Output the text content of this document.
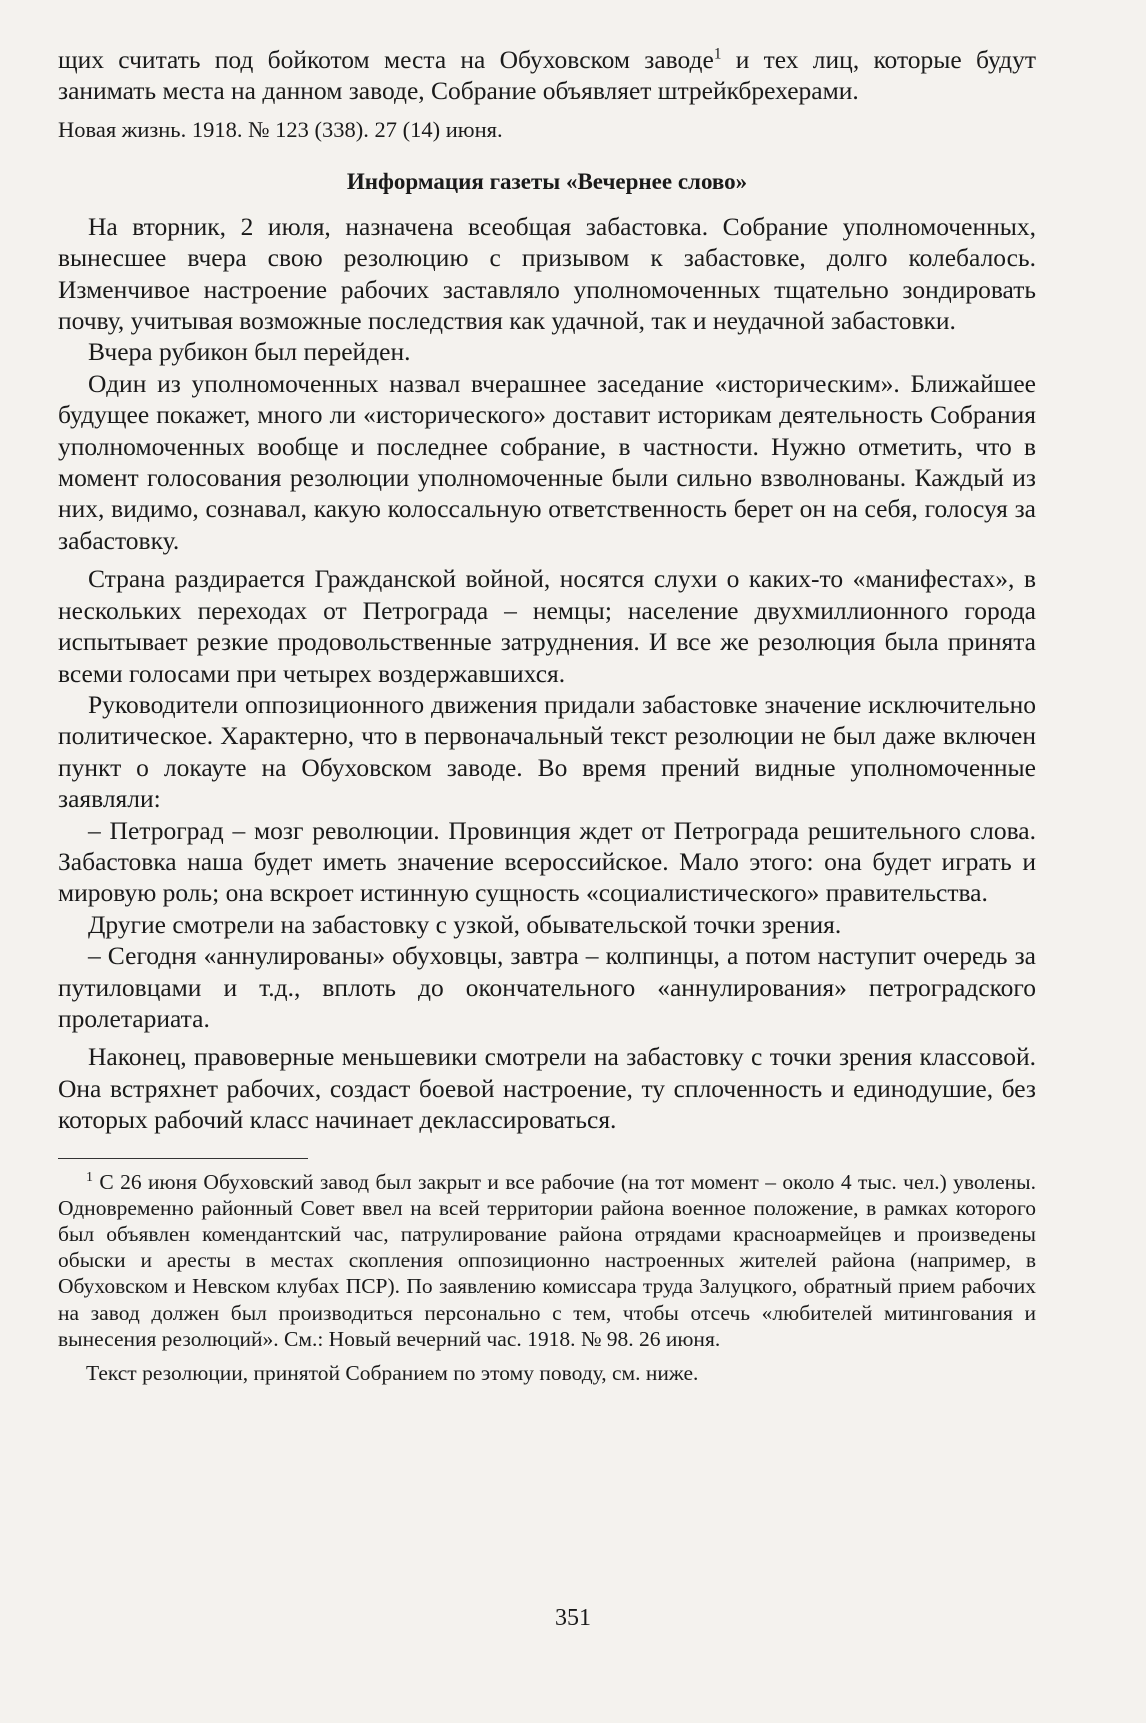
щих считать под бойкотом места на Обуховском заводе$^1$ и тех лиц, которые будут занимать места на данном заводе, Собрание объявляет штрейкбрехерами.

Новая жизнь. 1918. № 123 (338). 27 (14) июня.

Информация газеты «Вечернее слово»

На вторник, 2 июля, назначена всеобщая забастовка. Собрание уполномоченных, вынесшее вчера свою резолюцию с призывом к забастовке, долго колебалось. Изменчивое настроение рабочих заставляло уполномоченных тщательно зондировать почву, учитывая возможные последствия как удачной, так и неудачной забастовки.

Вчера рубикон был перейден.

Один из уполномоченных назвал вчерашнее заседание «историческим». Ближайшее будущее покажет, много ли «исторического» доставит историкам деятельность Собрания уполномоченных вообще и последнее собрание, в частности. Нужно отметить, что в момент голосования резолюции уполномоченные были сильно взволнованы. Каждый из них, видимо, сознавал, какую колоссальную ответственность берет он на себя, голосуя за забастовку.

Страна раздирается Гражданской войной, носятся слухи о каких-то «манифестах», в нескольких переходах от Петрограда – немцы; население двухмиллионного города испытывает резкие продовольственные затруднения. И все же резолюция была принята всеми голосами при четырех воздержавшихся.

Руководители оппозиционного движения придали забастовке значение исключительно политическое. Характерно, что в первоначальный текст резолюции не был даже включен пункт о локауте на Обуховском заводе. Во время прений видные уполномоченные заявляли:

– Петроград – мозг революции. Провинция ждет от Петрограда решительного слова. Забастовка наша будет иметь значение всероссийское. Мало этого: она будет играть и мировую роль; она вскроет истинную сущность «социалистического» правительства.

Другие смотрели на забастовку с узкой, обывательской точки зрения.

– Сегодня «аннулированы» обуховцы, завтра – колпинцы, а потом наступит очередь за путиловцами и т.д., вплоть до окончательного «аннулирования» петроградского пролетариата.

Наконец, правоверные меньшевики смотрели на забастовку с точки зрения классовой. Она встряхнет рабочих, создаст боевой настроение, ту сплоченность и единодушие, без которых рабочий класс начинает деклассироваться.

$^1$ С 26 июня Обуховский завод был закрыт и все рабочие (на тот момент – около 4 тыс. чел.) уволены. Одновременно районный Совет ввел на всей территории района военное положение, в рамках которого был объявлен комендантский час, патрулирование района отрядами красноармейцев и произведены обыски и аресты в местах скопления оппозиционно настроенных жителей района (например, в Обуховском и Невском клубах ПСР). По заявлению комиссара труда Залуцкого, обратный прием рабочих на завод должен был производиться персонально с тем, чтобы отсечь «любителей митингования и вынесения резолюций». См.: Новый вечерний час. 1918. № 98. 26 июня.

Текст резолюции, принятой Собранием по этому поводу, см. ниже.

351
